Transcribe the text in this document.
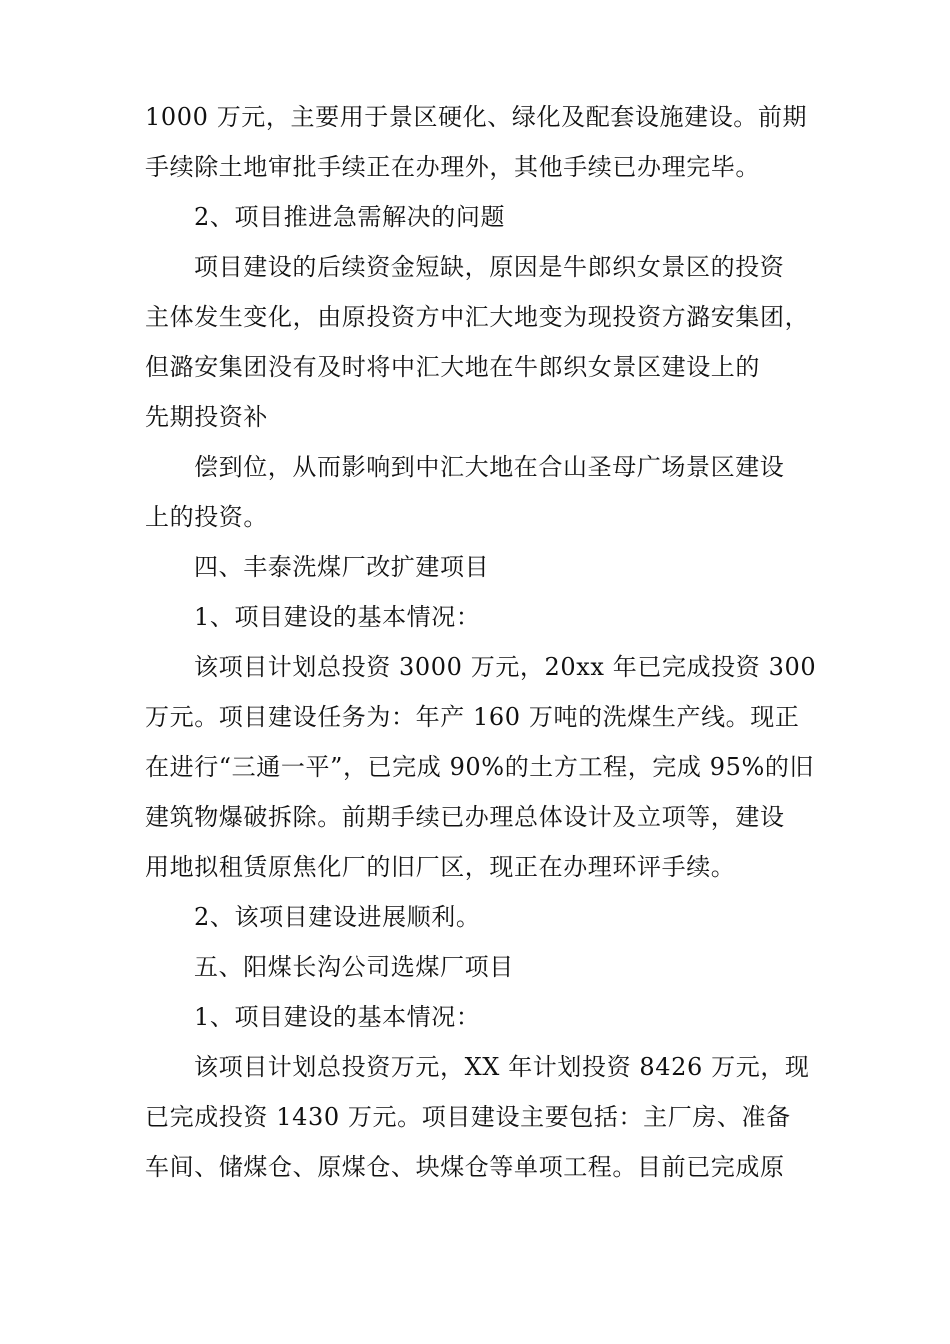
1000 万元，主要用于景区硬化、绿化及配套设施建设。前期
手续除土地审批手续正在办理外，其他手续已办理完毕。
2、项目推进急需解决的问题
项目建设的后续资金短缺，原因是牛郎织女景区的投资
主体发生变化，由原投资方中汇大地变为现投资方潞安集团，
但潞安集团没有及时将中汇大地在牛郎织女景区建设上的
先期投资补
偿到位，从而影响到中汇大地在合山圣母广场景区建设
上的投资。
四、丰泰洗煤厂改扩建项目
1、项目建设的基本情况：
该项目计划总投资 3000 万元，20xx 年已完成投资 300
万元。项目建设任务为：年产 160 万吨的洗煤生产线。现正
在进行“三通一平”，已完成 90%的土方工程，完成 95%的旧
建筑物爆破拆除。前期手续已办理总体设计及立项等，建设
用地拟租赁原焦化厂的旧厂区，现正在办理环评手续。
2、该项目建设进展顺利。
五、阳煤长沟公司选煤厂项目
1、项目建设的基本情况：
该项目计划总投资万元，XX 年计划投资 8426 万元，现
已完成投资 1430 万元。项目建设主要包括：主厂房、准备
车间、储煤仓、原煤仓、块煤仓等单项工程。目前已完成原
